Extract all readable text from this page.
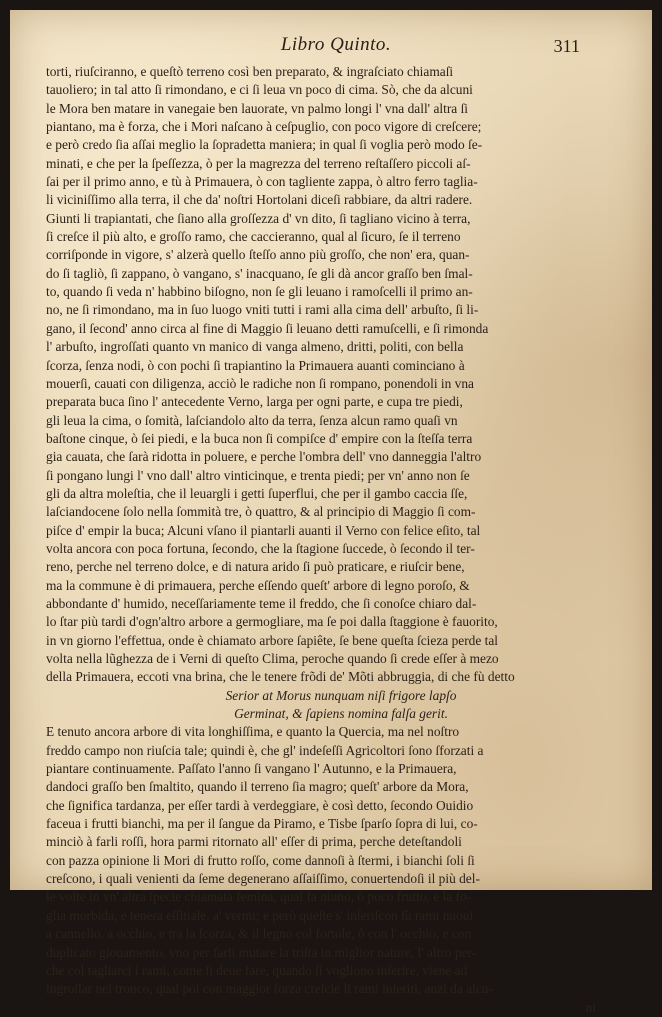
Libro Quinto.	311
torti, riuſciranno, e queſtò terreno così ben preparato, & ingraſciato chiamaſi
tauoliero; in tal atto ſi rimondano, e ci ſi leua vn poco di cima. Sò, che da alcuni
le Mora ben matare in vanegaie ben lauorate, vn palmo longi l' vna dall' altra ſi
piantano, ma è forza, che i Mori naſcano à ceſpuglio, con poco vigore di creſcere;
e però credo ſia aſſai meglio la ſopradetta maniera; in qual ſi voglia però modo ſe-
minati, e che per la ſpeſſezza, ò per la magrezza del terreno reſtaſſero piccoli aſ-
ſai per il primo anno, e tù à Primauera, ò con tagliente zappa, ò altro ferro taglia-
li viciniſſimo alla terra, il che da' noſtri Hortolani diceſi rabbiare, da altri radere.
Giunti li trapiantati, che ſiano alla groſſezza d' vn dito, ſi tagliano vicino à terra,
ſi creſce il più alto, e groſſo ramo, che caccieranno, qual al ſicuro, ſe il terreno
corriſponde in vigore, s' alzerà quello ſteſſo anno più groſſo, che non' era, quan-
do ſi tagliò, ſi zappano, ò vangano, s' inacquano, ſe gli dà ancor graſſo ben ſmal-
to, quando ſi veda n' habbino biſogno, non ſe gli leuano i ramoſcelli il primo an-
no, ne ſi rimondano, ma in ſuo luogo vniti tutti i rami alla cima dell' arbuſto, ſi li-
gano, il ſecond' anno circa al fine di Maggio ſi leuano detti ramuſcelli, e ſi rimonda
l' arbuſto, ingroſſati quanto vn manico di vanga almeno, dritti, politi, con bella
ſcorza, ſenza nodi, ò con pochi ſi trapiantino la Primauera auanti cominciano à
mouerſi, cauati con diligenza, acciò le radiche non ſi rompano, ponendoli in vna
preparata buca ſino l' antecedente Verno, larga per ogni parte, e cupa tre piedi,
gli leua la cima, o ſomità, laſciandolo alto da terra, ſenza alcun ramo quaſi vn
baſtone cinque, ò ſei piedi, e la buca non ſi compiſce d' empire con la ſteſſa terra
gia cauata, che ſarà ridotta in poluere, e perche l'ombra dell' vno danneggia l'altro
ſi pongano lungi l' vno dall' altro vinticinque, e trenta piedi; per vn' anno non ſe
gli da altra moleſtia, che il leuargli i getti ſuperflui, che per il gambo caccia ſſe,
laſciandocene ſolo nella ſommità tre, ò quattro, & al principio di Maggio ſi com-
piſce d' empir la buca; Alcuni vſano il piantarli auanti il Verno con felice eſito, tal
volta ancora con poca fortuna, ſecondo, che la ſtagione ſuccede, ò ſecondo il ter-
reno, perche nel terreno dolce, e di natura arido ſi può praticare, e riuſcir bene,
ma la commune è di primauera, perche eſſendo queſt' arbore di legno poroſo, &
abbondante d' humido, neceſſariamente teme il freddo, che ſi conoſce chiaro dal-
lo ſtar più tardi d'ogn'altro arbore a germogliare, ma ſe poi dalla ſtaggione è fauorito,
in vn giorno l'effettua, onde è chiamato arbore ſapiête, ſe bene queſta ſcieza perde tal
volta nella lũghezza de i Verni di queſto Clima, peroche quando ſi crede eſſer à mezo
della Primauera, eccoti vna brina, che le tenere frõdi de' Mõti abbruggia, di che fù detto
Serior at Morus nunquam niſi frigore lapſo
Germinat, & ſapiens nomina falſa gerit.
E tenuto ancora arbore di vita longhiſſima, e quanto la Quercia, ma nel noſtro
freddo campo non riuſcia tale; quindi è, che gl' indeſeſſi Agricoltori ſono ſforzati a
piantare continuamente. Paſſato l'anno ſi vangano l' Autunno, e la Primauera,
dandoci graſſo ben ſmaltito, quando il terreno ſia magro; queſt' arbore da Mora,
che ſignifica tardanza, per eſſer tardi à verdeggiare, è così detto, ſecondo Ouidio
faceua i frutti bianchi, ma per il ſangue da Piramo, e Tisbe ſparſo ſopra di lui, co-
minciò à farli roſſi, hora parmi ritornato all' eſſer di prima, perche deteſtandoli
con pazza opinione li Mori di frutto roſſo, come dannoſi à ſtermi, i bianchi ſoli ſi
creſcono, i quali venienti da ſeme degenerano aſſaiſſimo, conuertendoſi il più del-
le volte in vn' altra ſpecie chiamata femina, qual fa niuno, ò poco frutto, e la fo-
glia morbida, e tenera eſſitiale, a' vermi; e però queſte s' inſeriſcon ſù rami nuoui
a cannello, a occhio, e tra la ſcorza, & il legno col fortole, ò con l' occhio, e con
duplicato giouamento, vno per farli mutare la triſta in miglior nature, l' altro per-
che col tagliarci i rami, come ſi deue fare, quando ſi vogliono inſerire, viene ad
ingroſſar nel tronco, qual poi con maggior forza creſcie li rami inſeriti, anzi da alcu-
ni
